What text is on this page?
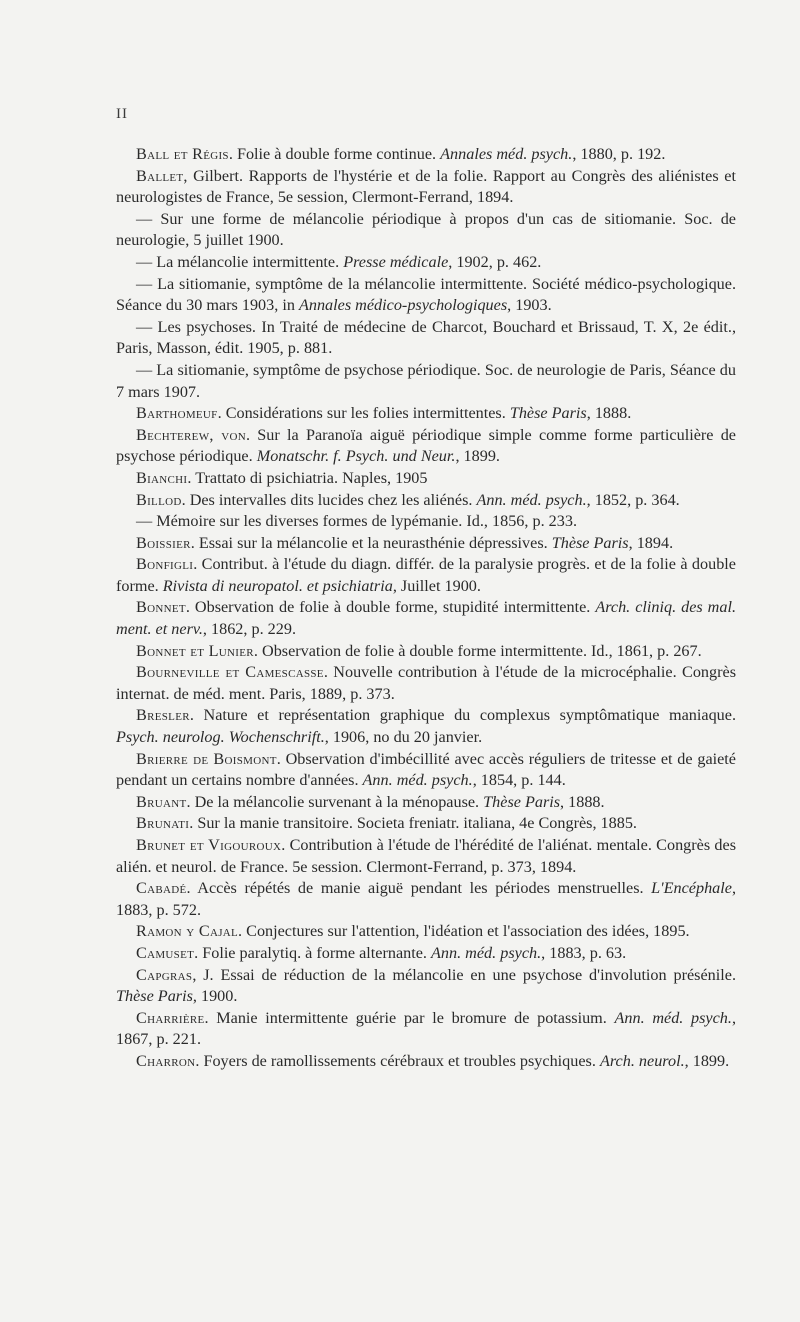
II

Ball et Régis. Folie à double forme continue. Annales méd. psych., 1880, p. 192.

Ballet, Gilbert. Rapports de l'hystérie et de la folie. Rapport au Congrès des aliénistes et neurologistes de France, 5e session, Clermont-Ferrand, 1894.

— Sur une forme de mélancolie périodique à propos d'un cas de sitiomanie. Soc. de neurologie, 5 juillet 1900.

— La mélancolie intermittente. Presse médicale, 1902, p. 462.

— La sitiomanie, symptôme de la mélancolie intermittente. Société médico-psychologique. Séance du 30 mars 1903, in Annales médico-psychologiques, 1903.

— Les psychoses. In Traité de médecine de Charcot, Bouchard et Brissaud, T. X, 2e édit., Paris, Masson, édit. 1905, p. 881.

— La sitiomanie, symptôme de psychose périodique. Soc. de neurologie de Paris, Séance du 7 mars 1907.

Barthomeuf. Considérations sur les folies intermittentes. Thèse Paris, 1888.

Bechterew, von. Sur la Paranoïa aiguë périodique simple comme forme particulière de psychose périodique. Monatschr. f. Psych. und Neur., 1899.

Bianchi. Trattato di psichiatria. Naples, 1905

Billod. Des intervalles dits lucides chez les aliénés. Ann. méd. psych., 1852, p. 364.

— Mémoire sur les diverses formes de lypémanie. Id., 1856, p. 233.

Boissier. Essai sur la mélancolie et la neurasthénie dépressives. Thèse Paris, 1894.

Bonfigli. Contribut. à l'étude du diagn. différ. de la paralysie progrès. et de la folie à double forme. Rivista di neuropatol. et psichiatria, Juillet 1900.

Bonnet. Observation de folie à double forme, stupidité intermittente. Arch. cliniq. des mal. ment. et nerv., 1862, p. 229.

Bonnet et Lunier. Observation de folie à double forme intermittente. Id., 1861, p. 267.

Bourneville et Camescasse. Nouvelle contribution à l'étude de la microcéphalie. Congrès internat. de méd. ment. Paris, 1889, p. 373.

Bresler. Nature et représentation graphique du complexus symptômatique maniaque. Psych. neurolog. Wochenschrift., 1906, no du 20 janvier.

Brierre de Boismont. Observation d'imbécillité avec accès réguliers de tritesse et de gaieté pendant un certains nombre d'années. Ann. méd. psych., 1854, p. 144.

Bruant. De la mélancolie survenant à la ménopause. Thèse Paris, 1888.

Brunati. Sur la manie transitoire. Societa freniatr. italiana, 4e Congrès, 1885.

Brunet et Vigouroux. Contribution à l'étude de l'hérédité de l'aliénat. mentale. Congrès des alién. et neurol. de France. 5e session. Clermont-Ferrand, p. 373, 1894.

Cabadé. Accès répétés de manie aiguë pendant les périodes menstruelles. L'Encéphale, 1883, p. 572.

Ramon y Cajal. Conjectures sur l'attention, l'idéation et l'association des idées, 1895.

Camuset. Folie paralytiq. à forme alternante. Ann. méd. psych., 1883, p. 63.

Capgras, J. Essai de réduction de la mélancolie en une psychose d'involution présénile. Thèse Paris, 1900.

Charrière. Manie intermittente guérie par le bromure de potassium. Ann. méd. psych., 1867, p. 221.

Charron. Foyers de ramollissements cérébraux et troubles psychiques. Arch. neurol., 1899.
